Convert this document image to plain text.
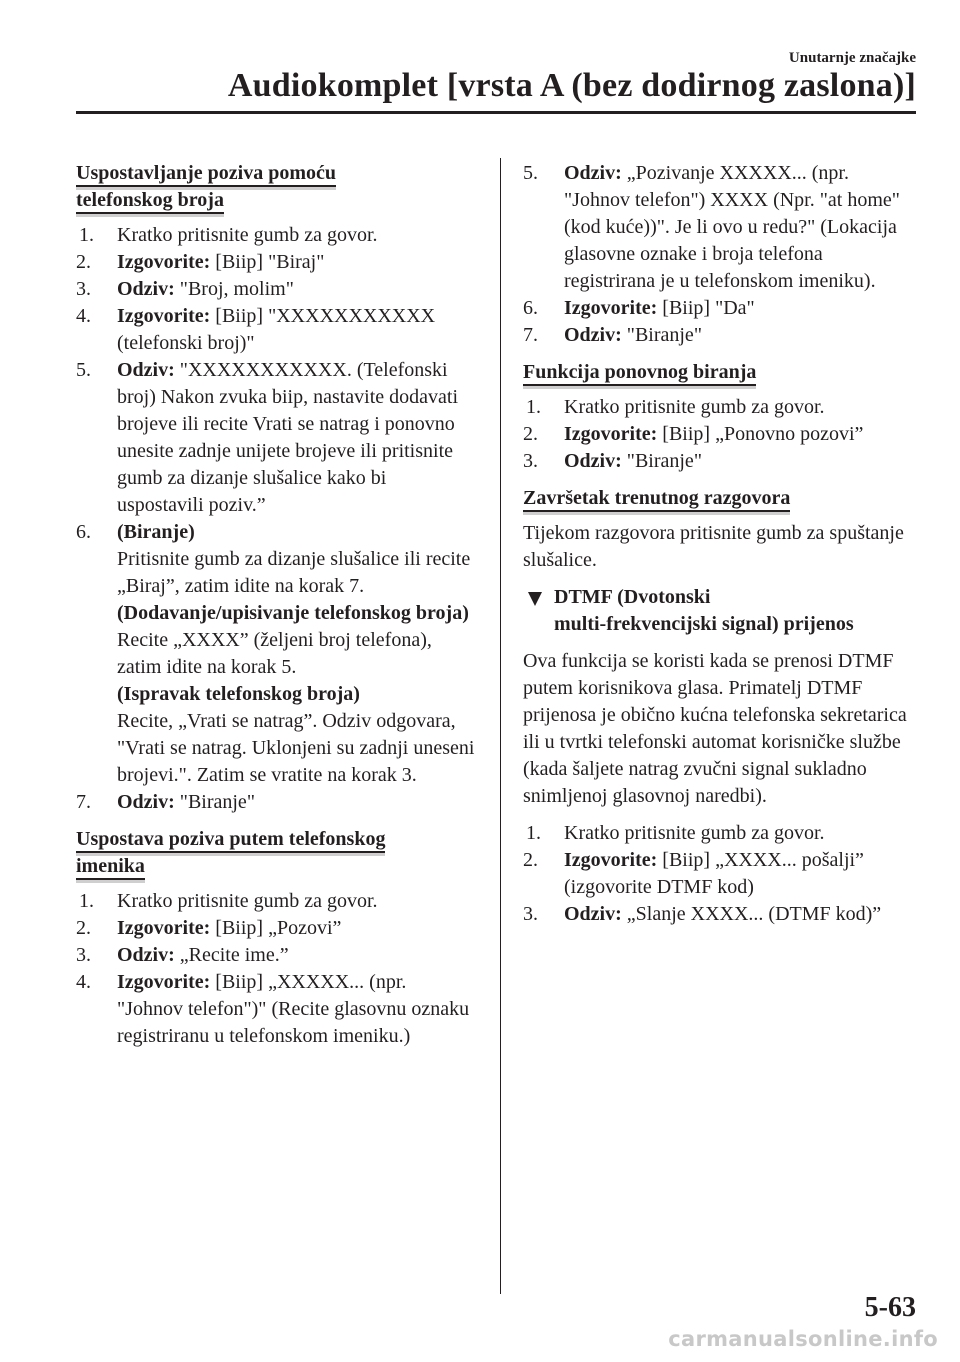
Unutarnje značajke
Audiokomplet [vrsta A (bez dodirnog zaslona)]
Uspostavljanje poziva pomoću
telefonskog broja
1. Kratko pritisnite gumb za govor.
2. Izgovorite: [Biip] "Biraj"
3. Odziv: "Broj, molim"
4. Izgovorite: [Biip] "XXXXXXXXXXX (telefonski broj)"
5. Odziv: "XXXXXXXXXXX. (Telefonski broj) Nakon zvuka biip, nastavite dodavati brojeve ili recite Vrati se natrag i ponovno unesite zadnje unijete brojeve ili pritisnite gumb za dizanje slušalice kako bi uspostavili poziv.”
6. (Biranje)
Pritisnite gumb za dizanje slušalice ili recite „Biraj”, zatim idite na korak 7.
(Dodavanje/upisivanje telefonskog broja)
Recite „XXXX” (željeni broj telefona), zatim idite na korak 5.
(Ispravak telefonskog broja)
Recite, „Vrati se natrag”. Odziv odgovara, "Vrati se natrag. Uklonjeni su zadnji uneseni brojevi.". Zatim se vratite na korak 3.
7. Odziv: "Biranje"
Uspostava poziva putem telefonskog
imenika
1. Kratko pritisnite gumb za govor.
2. Izgovorite: [Biip] „Pozovi”
3. Odziv: „Recite ime.”
4. Izgovorite: [Biip] „XXXXX... (npr. "Johnov telefon")" (Recite glasovnu oznaku registriranu u telefonskom imeniku.)
5. Odziv: „Pozivanje XXXXX... (npr. "Johnov telefon") XXXX (Npr. "at home" (kod kuće))". Je li ovo u redu?" (Lokacija glasovne oznake i broja telefona registrirana je u telefonskom imeniku).
6. Izgovorite: [Biip] "Da"
7. Odziv: "Biranje"
Funkcija ponovnog biranja
1. Kratko pritisnite gumb za govor.
2. Izgovorite: [Biip] „Ponovno pozovi”
3. Odziv: "Biranje"
Završetak trenutnog razgovora
Tijekom razgovora pritisnite gumb za spuštanje slušalice.
DTMF (Dvotonski
multi-frekvencijski signal) prijenos
Ova funkcija se koristi kada se prenosi DTMF putem korisnikova glasa. Primatelj DTMF prijenosa je obično kućna telefonska sekretarica ili u tvrtki telefonski automat korisničke službe (kada šaljete natrag zvučni signal sukladno snimljenoj glasovnoj naredbi).
1. Kratko pritisnite gumb za govor.
2. Izgovorite: [Biip] „XXXX... pošalji” (izgovorite DTMF kod)
3. Odziv: „Slanje XXXX... (DTMF kod)”
5-63
carmanualsonline.info
